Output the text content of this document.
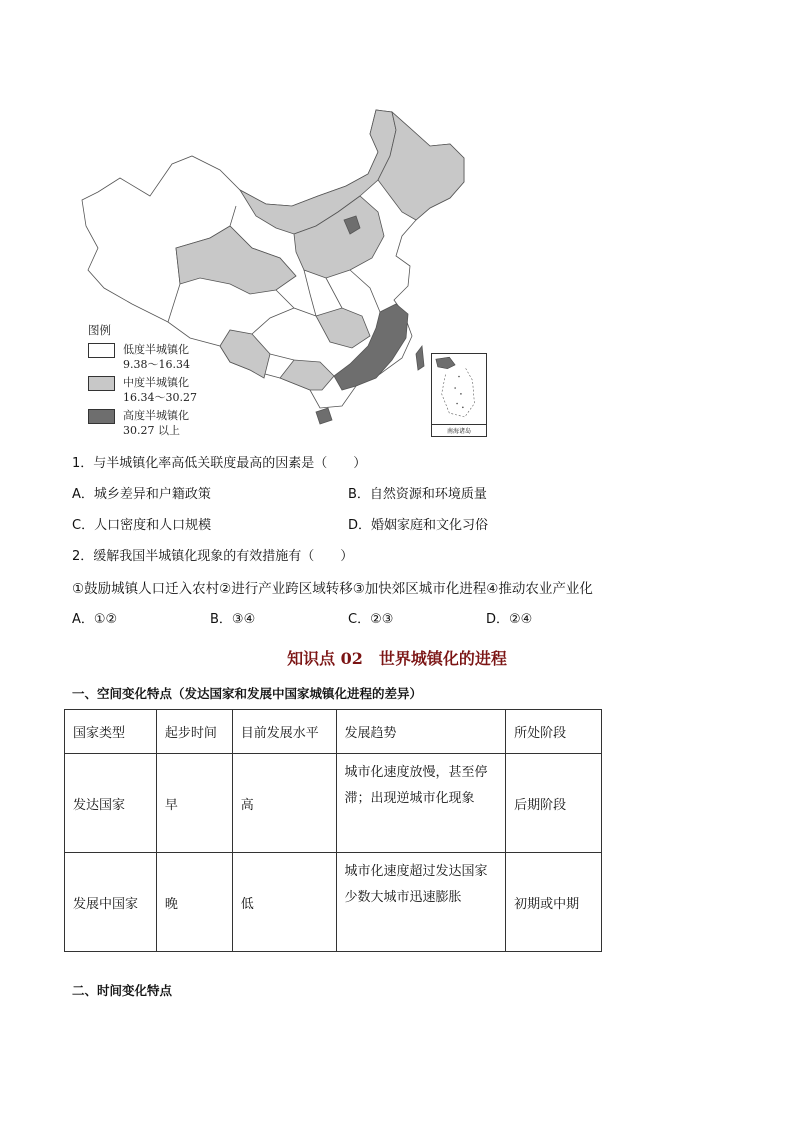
图例
低度半城镇化
9.38～16.34
中度半城镇化
16.34～30.27
高度半城镇化
30.27 以上	南海诸岛
1．与半城镇化率高低关联度最高的因素是（　　）
A．城乡差异和户籍政策	B．自然资源和环境质量
C．人口密度和人口规模	D．婚姻家庭和文化习俗
2．缓解我国半城镇化现象的有效措施有（　　）
①鼓励城镇人口迁入农村②进行产业跨区域转移③加快郊区城市化进程④推动农业产业化
A．①②	B．③④	C．②③	D．②④
知识点 02　世界城镇化的进程
一、空间变化特点（发达国家和发展中国家城镇化进程的差异）
国家类型	起步时间	目前发展水平	发展趋势	所处阶段
发达国家	早	高	城市化速度放慢，甚至停滞；出现逆城市化现象	后期阶段
发展中国家	晚	低	城市化速度超过发达国家少数大城市迅速膨胀	初期或中期
二、时间变化特点
